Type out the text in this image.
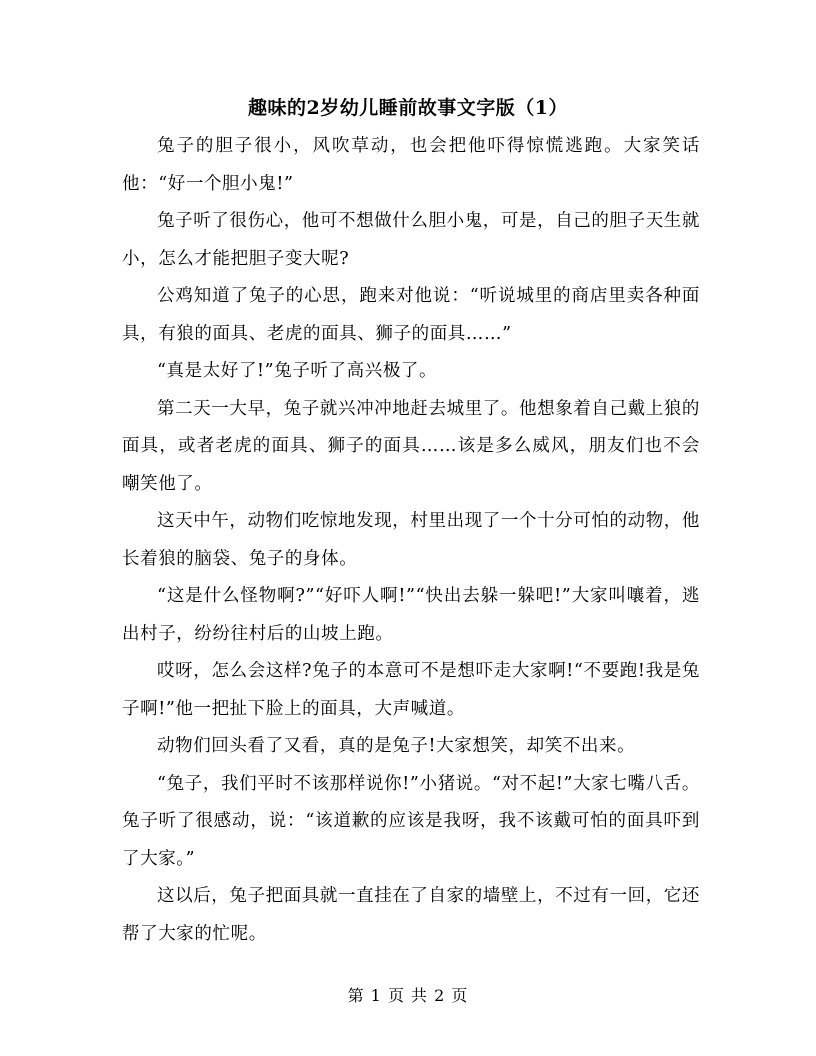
趣味的2岁幼儿睡前故事文字版（1）

兔子的胆子很小，风吹草动，也会把他吓得惊慌逃跑。大家笑话他：“好一个胆小鬼!”

兔子听了很伤心，他可不想做什么胆小鬼，可是，自己的胆子天生就小，怎么才能把胆子变大呢?

公鸡知道了兔子的心思，跑来对他说：“听说城里的商店里卖各种面具，有狼的面具、老虎的面具、狮子的面具……”

“真是太好了!”兔子听了高兴极了。

第二天一大早，兔子就兴冲冲地赶去城里了。他想象着自己戴上狼的面具，或者老虎的面具、狮子的面具……该是多么威风，朋友们也不会嘲笑他了。

这天中午，动物们吃惊地发现，村里出现了一个十分可怕的动物，他长着狼的脑袋、兔子的身体。

“这是什么怪物啊?”“好吓人啊!”“快出去躲一躲吧!”大家叫嚷着，逃出村子，纷纷往村后的山坡上跑。

哎呀，怎么会这样?兔子的本意可不是想吓走大家啊!“不要跑!我是兔子啊!”他一把扯下脸上的面具，大声喊道。

动物们回头看了又看，真的是兔子!大家想笑，却笑不出来。

“兔子，我们平时不该那样说你!”小猪说。“对不起!”大家七嘴八舌。兔子听了很感动，说：“该道歉的应该是我呀，我不该戴可怕的面具吓到了大家。”

这以后，兔子把面具就一直挂在了自家的墙壁上，不过有一回，它还帮了大家的忙呢。

第 1 页 共 2 页
